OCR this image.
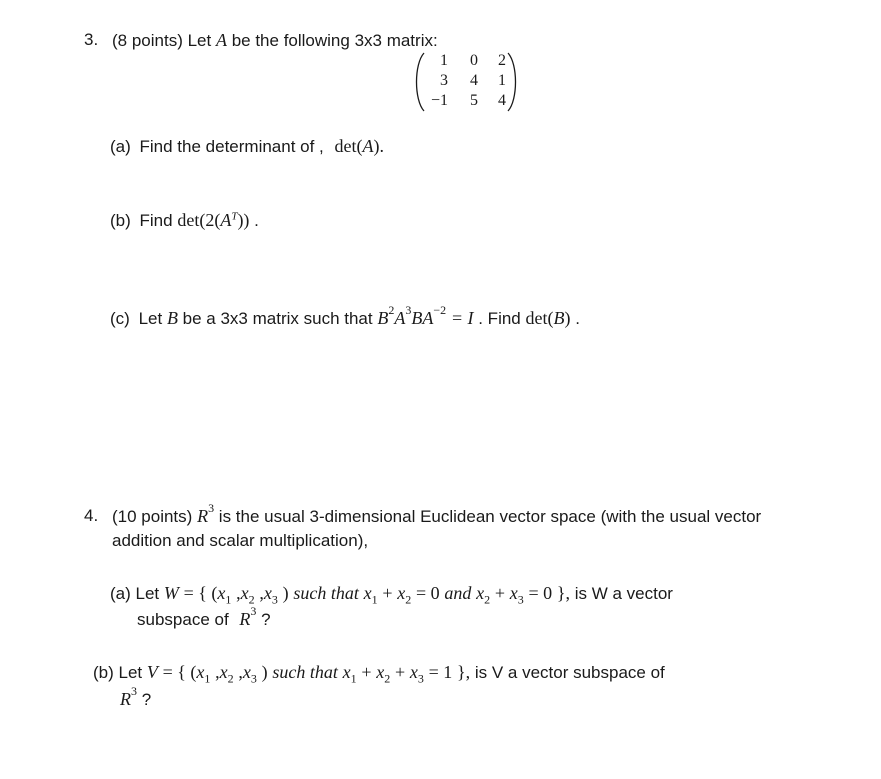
3. (8 points) Let A be the following 3x3 matrix:
1	0	2
3	4	1
−1	5	4
(a) Find the determinant of , det(A).
(b) Find $\det(2(A^T))$ .
(c) Let B be a 3x3 matrix such that $B^2A^3BA^{-2} = I$ . Find det(B) .
4. (10 points) $R^3$ is the usual 3-dimensional Euclidean vector space (with the usual vector
addition and scalar multiplication),
(a) Let W = { ($x_1$ $,x_2$ $,x_3$ ) such that $x_1 + x_2 = 0$ and $x_2 + x_3 = 0$ }, is W a vector
subspace of $R^3$ ?
(b) Let V = { ($x_1$ $,x_2$ $,x_3$ ) such that $x_1 + x_2 + x_3 = 1$ }, is V a vector subspace of
$R^3$ ?
